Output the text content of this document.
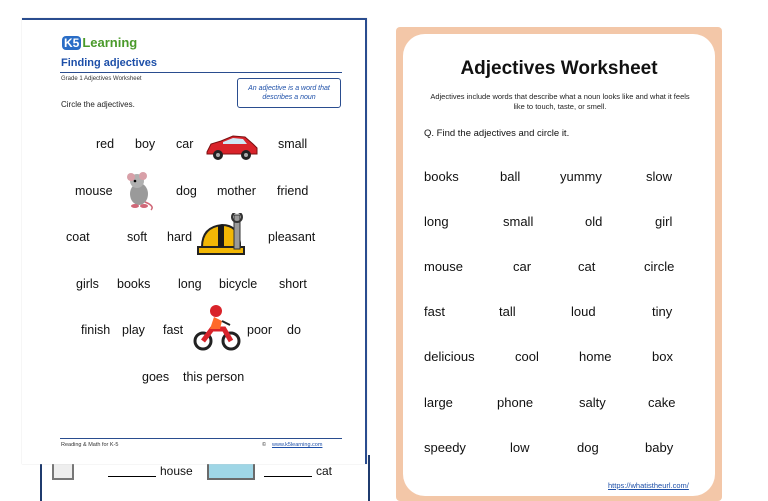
house	cat
K5 Learning
Finding adjectives
Grade 1 Adjectives Worksheet
An adjective is a word that describes a noun
Circle the adjectives.
red boy car	small
mouse	dog mother friend
coat	soft hard	pleasant
girls books long bicycle short
finish play fast	poor do
goes this person
Reading & Math for K-5	© www.k5learning.com
Adjectives Worksheet
Adjectives include words that describe what a noun looks like and what it feels like to touch, taste, or smell.
Q. Find the adjectives and circle it.
books	ball	yummy	slow
long	small	old	girl
mouse	car	cat	circle
fast	tall	loud	tiny
delicious	cool	home	box
large	phone	salty	cake
speedy	low	dog	baby
https://whatistheurl.com/
